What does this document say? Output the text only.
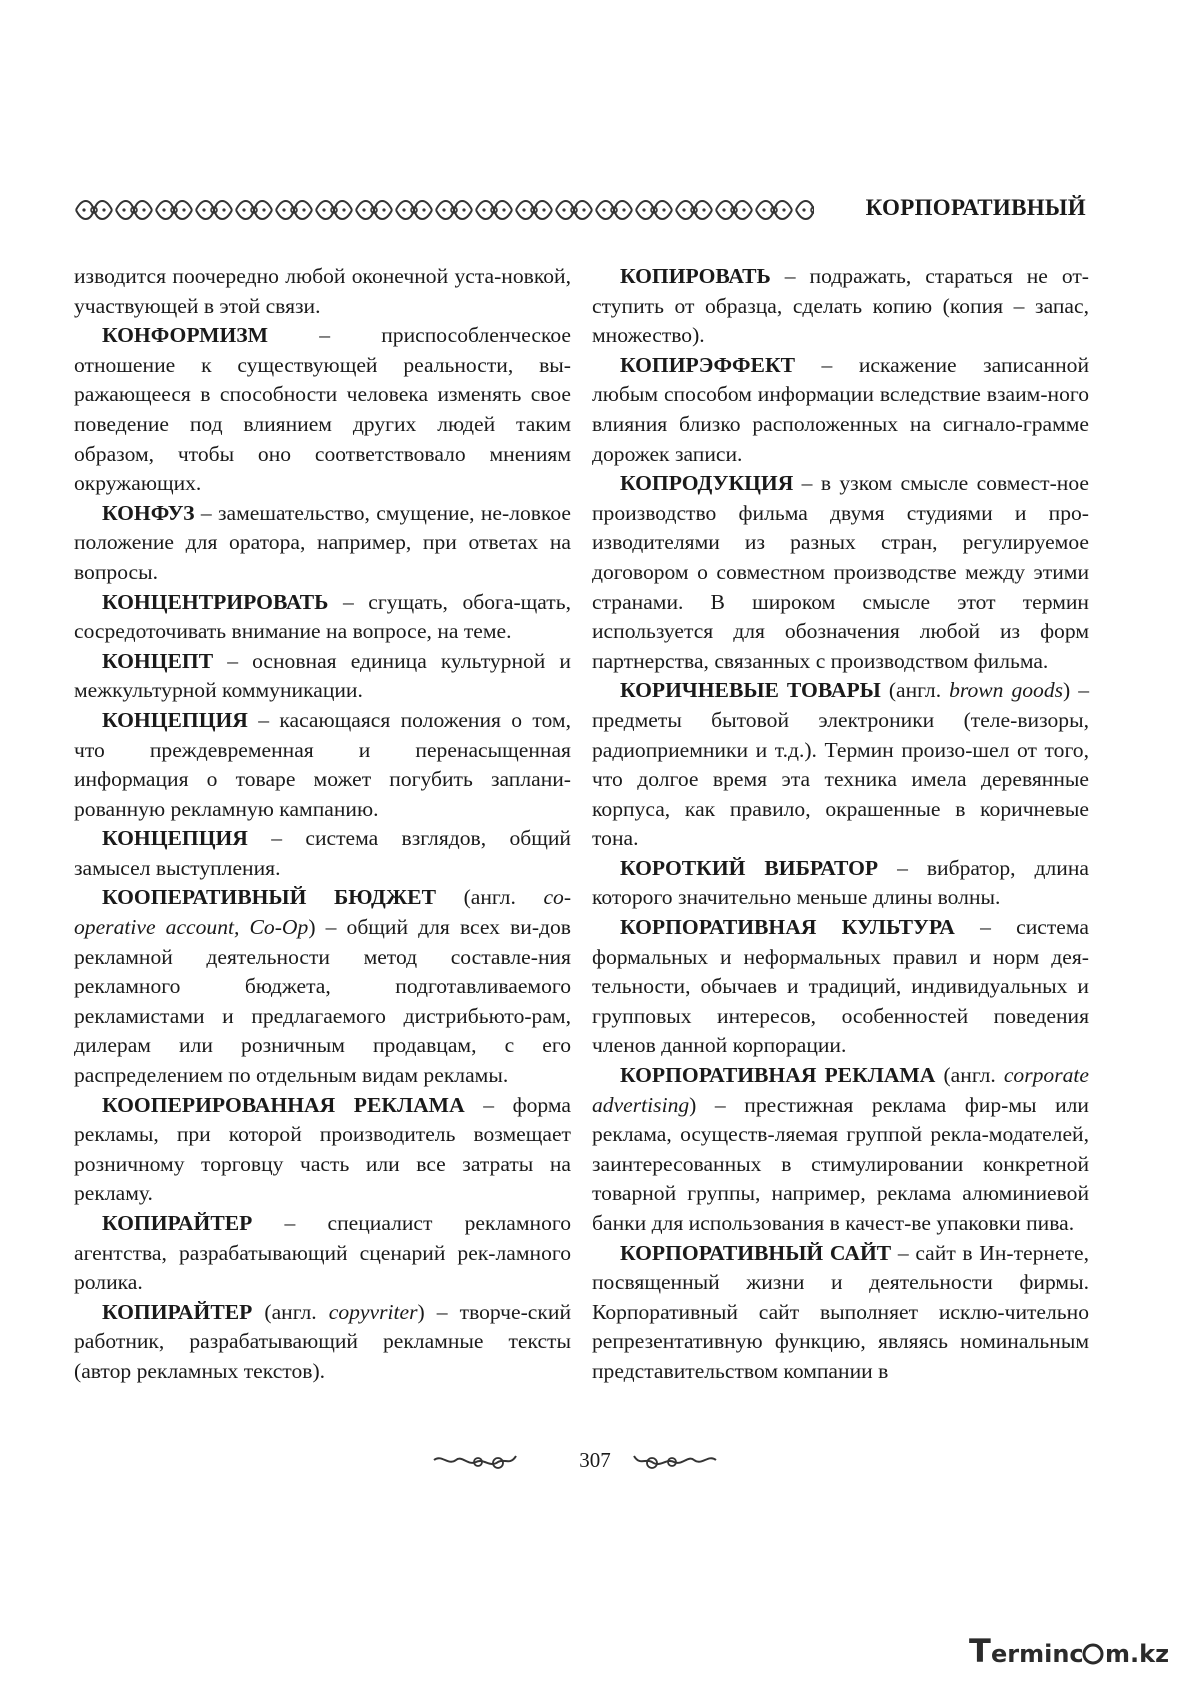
КОРПОРАТИВНЫЙ

изводится поочередно любой оконечной уста-новкой, участвующей в этой связи.

КОНФОРМИЗМ – приспособленческое отношение к существующей реальности, вы-ражающееся в способности человека изменять свое поведение под влиянием других людей таким образом, чтобы оно соответствовало мнениям окружающих.

КОНФУЗ – замешательство, смущение, не-ловкое положение для оратора, например, при ответах на вопросы.

КОНЦЕНТРИРОВАТЬ – сгущать, обога-щать, сосредоточивать внимание на вопросе, на теме.

КОНЦЕПТ – основная единица культурной и межкультурной коммуникации.

КОНЦЕПЦИЯ – касающаяся положения о том, что преждевременная и перенасыщенная информация о товаре может погубить заплани-рованную рекламную кампанию.

КОНЦЕПЦИЯ – система взглядов, общий замысел выступления.

КООПЕРАТИВНЫЙ БЮДЖЕТ (англ. co-operative account, Co-Op) – общий для всех ви-дов рекламной деятельности метод составле-ния рекламного бюджета, подготавливаемого рекламистами и предлагаемого дистрибьюто-рам, дилерам или розничным продавцам, с его распределением по отдельным видам рекламы.

КООПЕРИРОВАННАЯ РЕКЛАМА – форма рекламы, при которой производитель возмещает розничному торговцу часть или все затраты на рекламу.

КОПИРАЙТЕР – специалист рекламного агентства, разрабатывающий сценарий рек-ламного ролика.

КОПИРАЙТЕР (англ. copyvriter) – творче-ский работник, разрабатывающий рекламные тексты (автор рекламных текстов).

КОПИРОВАТЬ – подражать, стараться не от-ступить от образца, сделать копию (копия – запас, множество).

КОПИРЭФФЕКТ – искажение записанной любым способом информации вследствие взаим-ного влияния близко расположенных на сигнало-грамме дорожек записи.

КОПРОДУКЦИЯ – в узком смысле совмест-ное производство фильма двумя студиями и про-изводителями из разных стран, регулируемое договором о совместном производстве между этими странами. В широком смысле этот термин используется для обозначения любой из форм партнерства, связанных с производством фильма.

КОРИЧНЕВЫЕ ТОВАРЫ (англ. brown goods) – предметы бытовой электроники (теле-визоры, радиоприемники и т.д.). Термин произо-шел от того, что долгое время эта техника имела деревянные корпуса, как правило, окрашенные в коричневые тона.

КОРОТКИЙ ВИБРАТОР – вибратор, длина которого значительно меньше длины волны.

КОРПОРАТИВНАЯ КУЛЬТУРА – система формальных и неформальных правил и норм дея-тельности, обычаев и традиций, индивидуальных и групповых интересов, особенностей поведения членов данной корпорации.

КОРПОРАТИВНАЯ РЕКЛАМА (англ. corporate advertising) – престижная реклама фир-мы или реклама, осуществ-ляемая группой рекла-модателей, заинтересованных в стимулировании конкретной товарной группы, например, реклама алюминиевой банки для использования в качест-ве упаковки пива.

КОРПОРАТИВНЫЙ САЙТ – сайт в Ин-тернете, посвященный жизни и деятельности фирмы. Корпоративный сайт выполняет исклю-чительно репрезентативную функцию, являясь номинальным представительством компании в

307
T erminc m.kz
